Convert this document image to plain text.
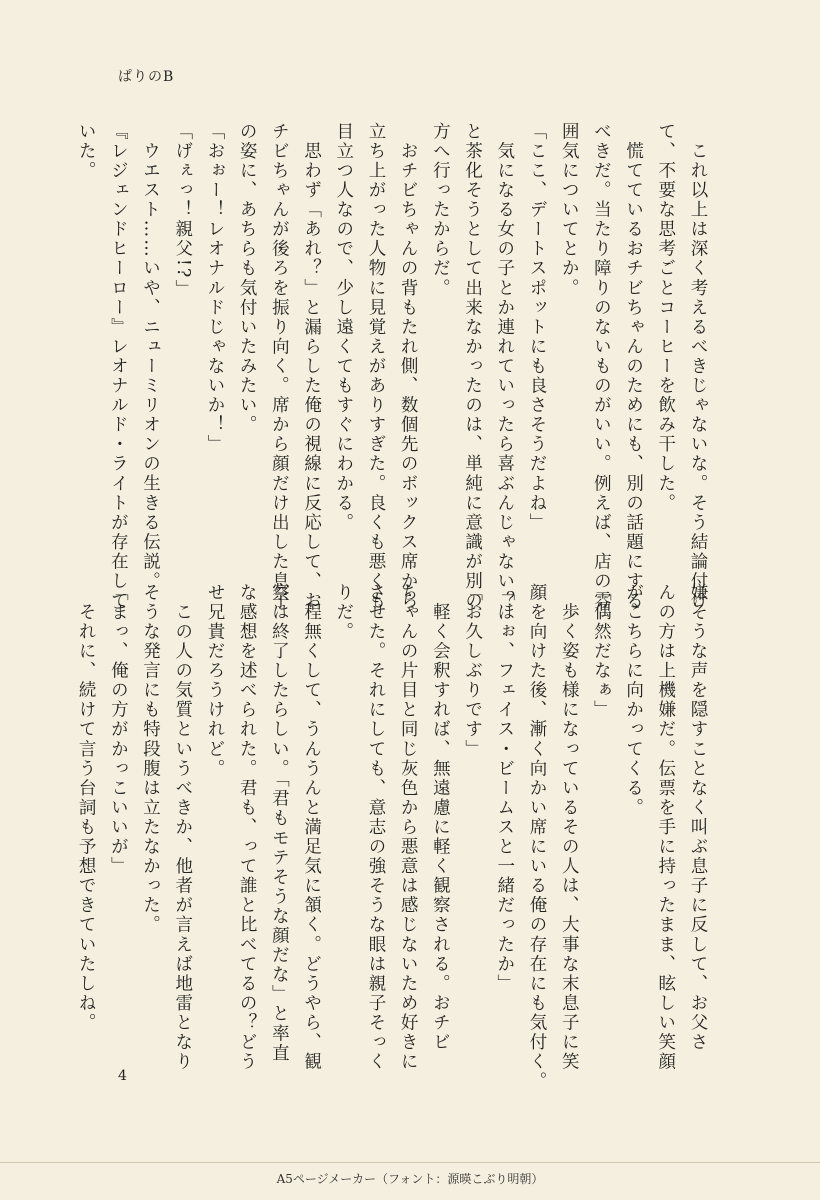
ぱりのB

　これ以上は深く考えるべきじゃないな。そう結論付け

て、不要な思考ごとコーヒーを飲み干した。

　慌てているおチビちゃんのためにも、別の話題にする

べきだ。当たり障りのないものがいい。例えば、店の雰

囲気についてとか。

「ここ、デートスポットにも良さそうだよね」

　気になる女の子とか連れていったら喜ぶんじゃない？

と茶化そうとして出来なかったのは、単純に意識が別の

方へ行ったからだ。

　おチビちゃんの背もたれ側、数個先のボックス席から

立ち上がった人物に見覚えがありすぎた。良くも悪くも

目立つ人なので、少し遠くてもすぐにわかる。

　思わず「あれ？」と漏らした俺の視線に反応して、お

チビちゃんが後ろを振り向く。席から顔だけ出した息子

の姿に、あちらも気付いたみたい。

「おぉー！レオナルドじゃないか！」

「げぇっ！親父!?」

　ウエスト……いや、ニューミリオンの生きる伝説。

『レジェンドヒーロー』レオナルド・ライトが存在して

いた。

嫌そうな声を隠すことなく叫ぶ息子に反して、お父さ

んの方は上機嫌だ。伝票を手に持ったまま、眩しい笑顔

がこちらに向かってくる。

「偶然だなぁ」

　歩く姿も様になっているその人は、大事な末息子に笑

顔を向けた後、漸く向かい席にいる俺の存在にも気付く。

「ほぉ、フェイス・ビームスと一緒だったか」

「お久しぶりです」

　軽く会釈すれば、無遠慮に軽く観察される。おチビ

ちゃんの片目と同じ灰色から悪意は感じないため好きに

させた。それにしても、意志の強そうな眼は親子そっく

りだ。

　程無くして、うんうんと満足気に頷く。どうやら、観

察は終了したらしい。「君もモテそうな顔だな」と率直

な感想を述べられた。君も、って誰と比べてるの？どう

せ兄貴だろうけれど。

　この人の気質というべきか、他者が言えば地雷となり

そうな発言にも特段腹は立たなかった。

「まっ、俺の方がかっこいいが」

　それに、続けて言う台詞も予想できていたしね。

4
A5ページメーカー（フォント：源暎こぶり明朝）
